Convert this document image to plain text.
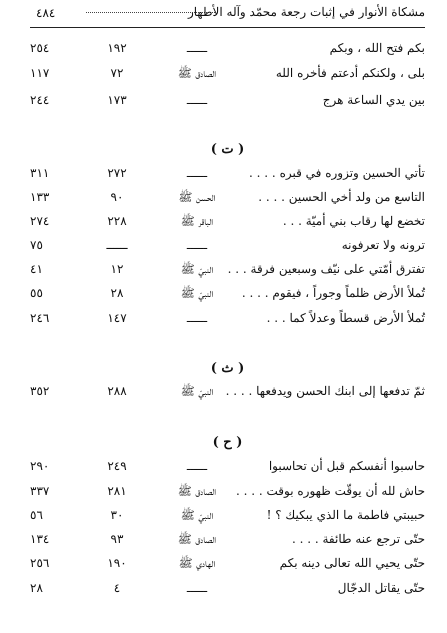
٤٨٤	مشكاة الأنوار في إثبات رجعة محمّد وآله الأطهار
بكم فتح الله ، وبكم
ــــــ
١٩٢
٢٥٤
بلى ، ولكنكم أدعتم فأخره الله
الصادق ﷺ
٧٢
١١٧
بين يدي الساعة هرج
ــــــ
١٧٣
٢٤٤
( ت )
تأتي الحسين وتزوره في قبره . . . .
ــــــ
٢٧٢
٣١١
التاسع من ولد أخي الحسين . . . .
الحسن ﷺ
٩٠
١٣٣
تخضع لها رقاب بني أميّة . . .
الباقر ﷺ
٢٢٨
٢٧٤
ترونه ولا تعرفونه
ــــــ
ــــــ
٧٥
تفترق أمّتي على نيّف وسبعين فرقة . . .
النبيّ ﷺ
١٢
٤١
تُملأ الأرض ظلماً وجوراً ، فيقوم . . . .
النبيّ ﷺ
٢٨
٥٥
تُملأ الأرض قسطاً وعدلاً كما . . .
ــــــ
١٤٧
٢٤٦
( ث )
ثمّ تدفعها إلى ابنك الحسن ويدفعها . . . .
النبيّ ﷺ
٢٨٨
٣٥٢
( ح )
حاسبوا أنفسكم قبل أن تحاسبوا
ــــــ
٢٤٩
٢٩٠
حاش لله أن يوقّت ظهوره بوقت . . . .
الصادق ﷺ
٢٨١
٣٣٧
حبيبتي فاطمة ما الذي يبكيك ؟ !
النبيّ ﷺ
٣٠
٥٦
حتّى ترجع عنه طائفة . . . .
الصادق ﷺ
٩٣
١٣٤
حتّى يحيي الله تعالى دينه بكم
الهادي ﷺ
١٩٠
٢٥٦
حتّى يقاتل الدجّال
ــــــ
٤
٢٨
